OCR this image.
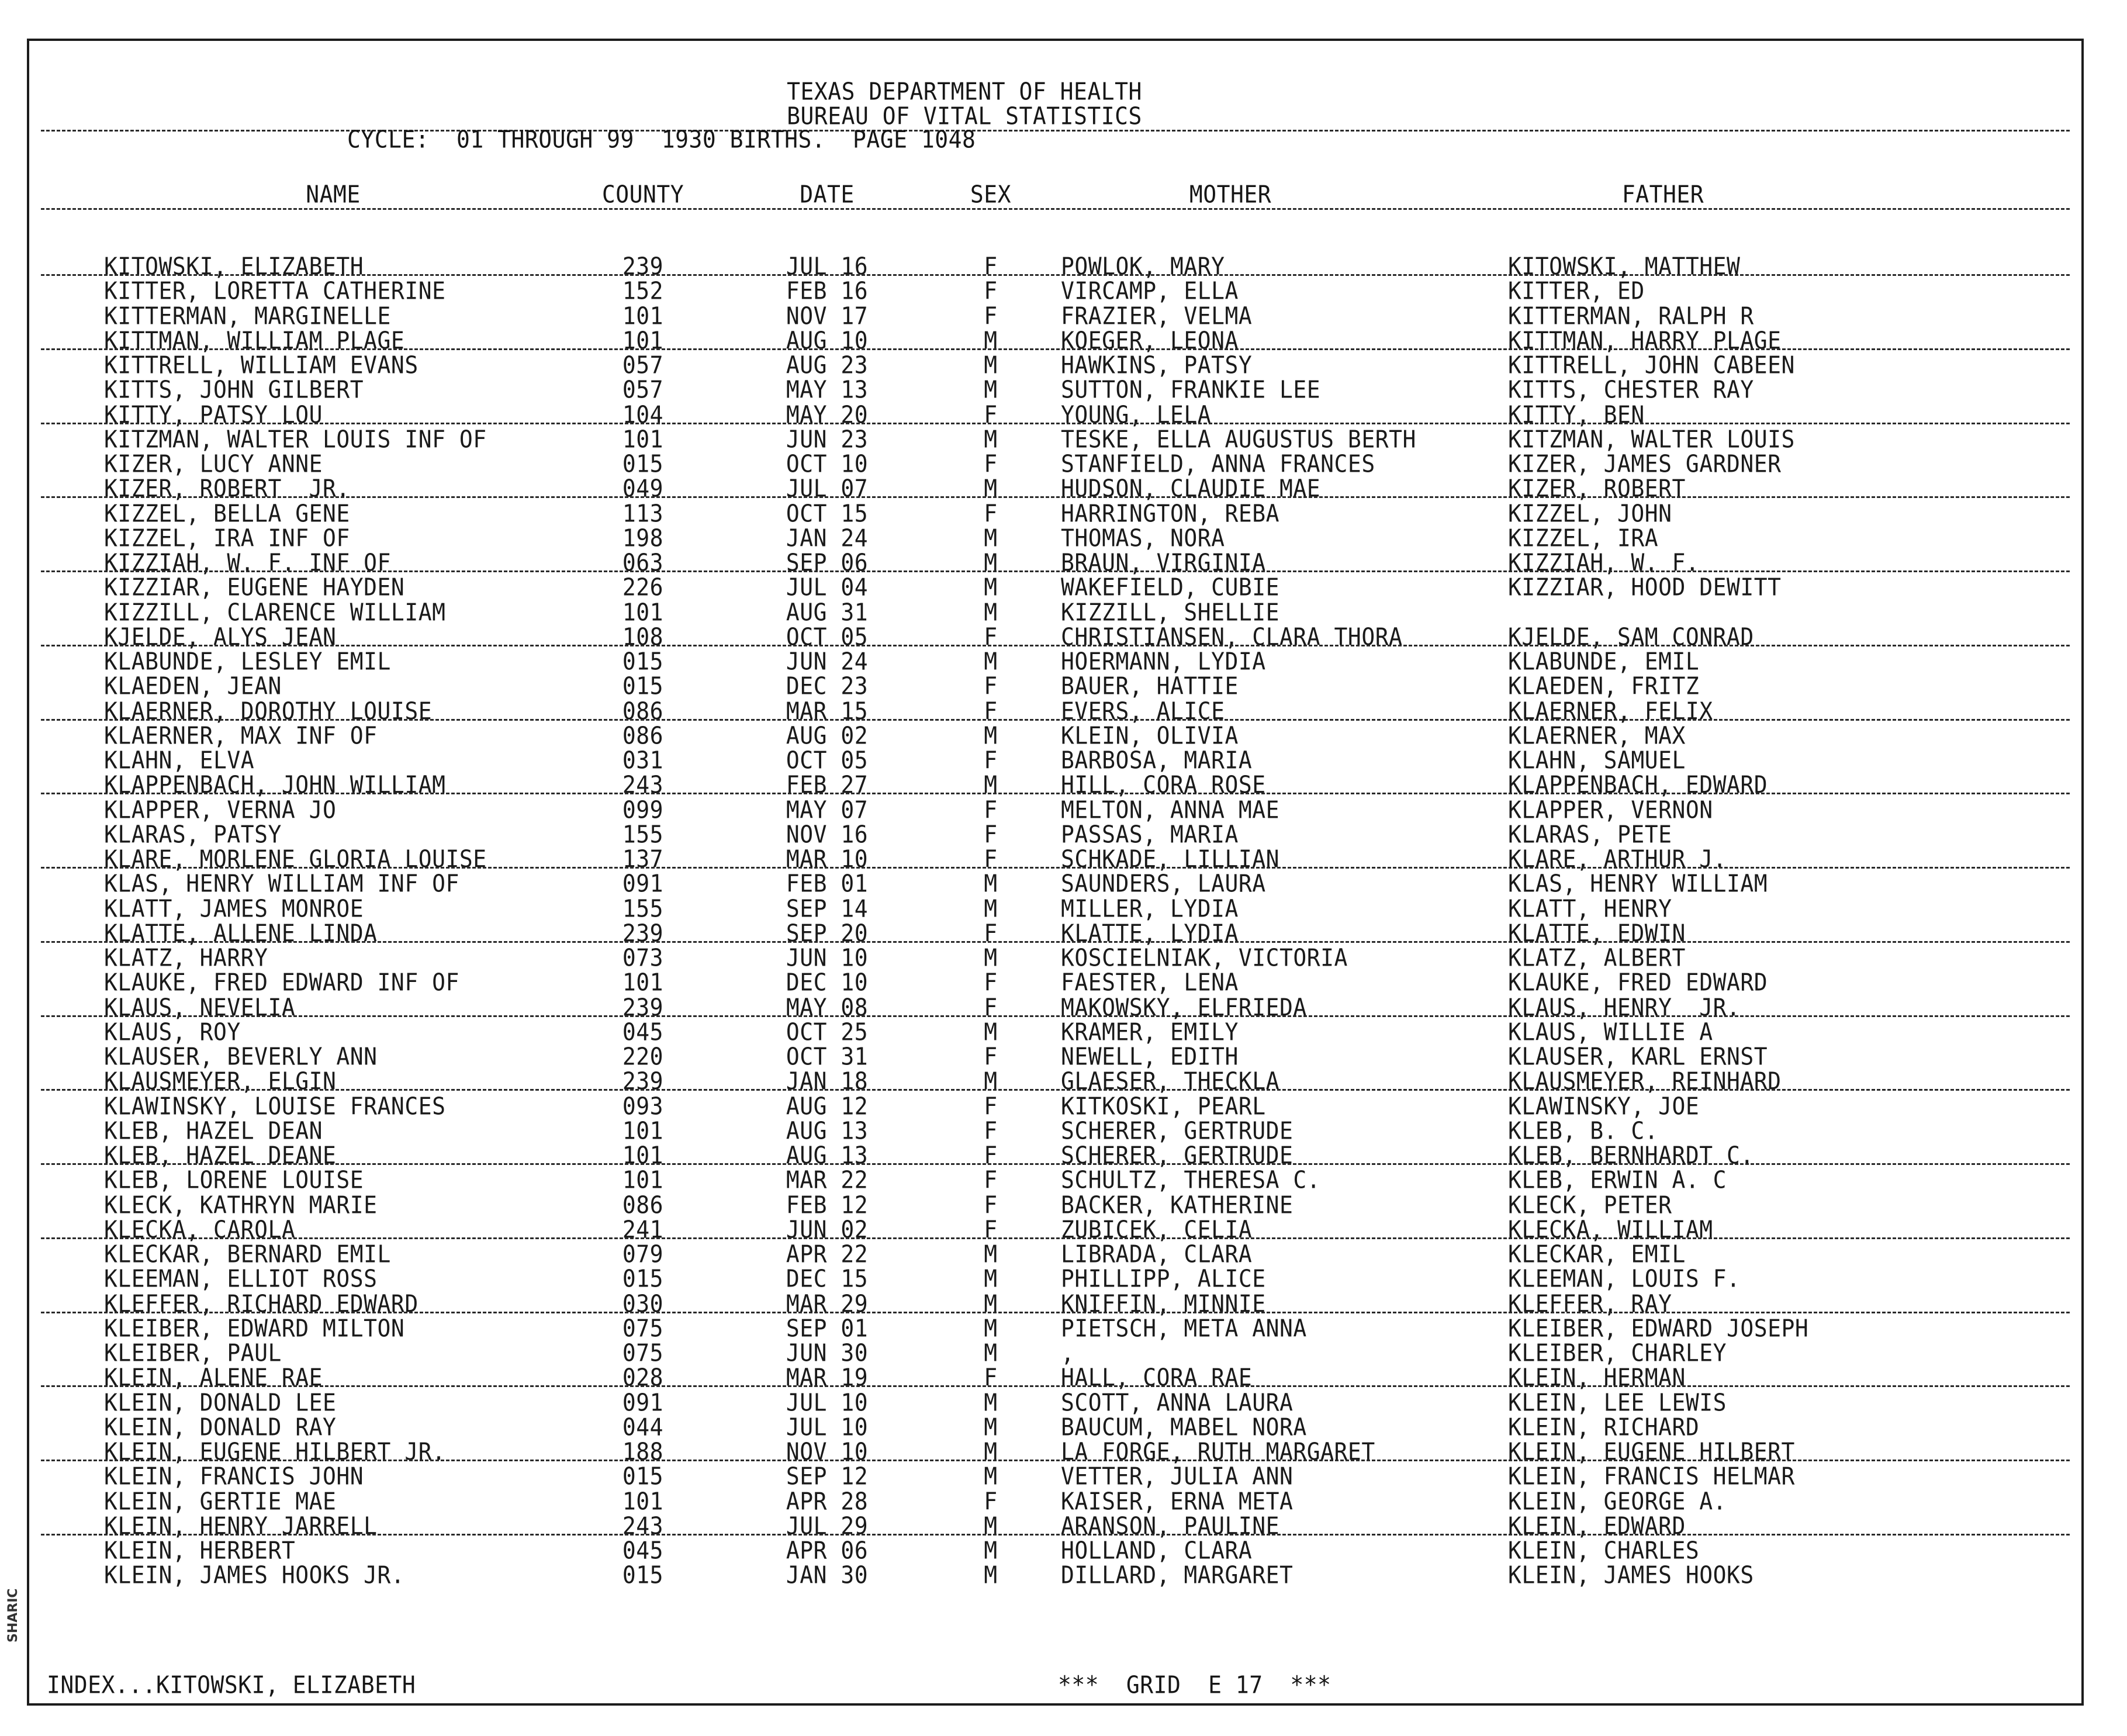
TEXAS DEPARTMENT OF HEALTH
BUREAU OF VITAL STATISTICS
CYCLE:  01 THROUGH 99  1930 BIRTHS.  PAGE 1048
NAME	COUNTY	DATE	SEX	MOTHER	FATHER
KITOWSKI, ELIZABETH	239	JUL 16	F	POWLOK, MARY	KITOWSKI, MATTHEW
KITTER, LORETTA CATHERINE	152	FEB 16	F	VIRCAMP, ELLA	KITTER, ED
KITTERMAN, MARGINELLE	101	NOV 17	F	FRAZIER, VELMA	KITTERMAN, RALPH R
KITTMAN, WILLIAM PLAGE	101	AUG 10	M	KOEGER, LEONA	KITTMAN, HARRY PLAGE
KITTRELL, WILLIAM EVANS	057	AUG 23	M	HAWKINS, PATSY	KITTRELL, JOHN CABEEN
KITTS, JOHN GILBERT	057	MAY 13	M	SUTTON, FRANKIE LEE	KITTS, CHESTER RAY
KITTY, PATSY LOU	104	MAY 20	F	YOUNG, LELA	KITTY, BEN
KITZMAN, WALTER LOUIS INF OF	101	JUN 23	M	TESKE, ELLA AUGUSTUS BERTH	KITZMAN, WALTER LOUIS
KIZER, LUCY ANNE	015	OCT 10	F	STANFIELD, ANNA FRANCES	KIZER, JAMES GARDNER
KIZER, ROBERT  JR.	049	JUL 07	M	HUDSON, CLAUDIE MAE	KIZER, ROBERT
KIZZEL, BELLA GENE	113	OCT 15	F	HARRINGTON, REBA	KIZZEL, JOHN
KIZZEL, IRA INF OF	198	JAN 24	M	THOMAS, NORA	KIZZEL, IRA
KIZZIAH, W. F. INF OF	063	SEP 06	M	BRAUN, VIRGINIA	KIZZIAH, W. F.
KIZZIAR, EUGENE HAYDEN	226	JUL 04	M	WAKEFIELD, CUBIE	KIZZIAR, HOOD DEWITT
KIZZILL, CLARENCE WILLIAM	101	AUG 31	M	KIZZILL, SHELLIE
KJELDE, ALYS JEAN	108	OCT 05	F	CHRISTIANSEN, CLARA THORA	KJELDE, SAM CONRAD
KLABUNDE, LESLEY EMIL	015	JUN 24	M	HOERMANN, LYDIA	KLABUNDE, EMIL
KLAEDEN, JEAN	015	DEC 23	F	BAUER, HATTIE	KLAEDEN, FRITZ
KLAERNER, DOROTHY LOUISE	086	MAR 15	F	EVERS, ALICE	KLAERNER, FELIX
KLAERNER, MAX INF OF	086	AUG 02	M	KLEIN, OLIVIA	KLAERNER, MAX
KLAHN, ELVA	031	OCT 05	F	BARBOSA, MARIA	KLAHN, SAMUEL
KLAPPENBACH, JOHN WILLIAM	243	FEB 27	M	HILL, CORA ROSE	KLAPPENBACH, EDWARD
KLAPPER, VERNA JO	099	MAY 07	F	MELTON, ANNA MAE	KLAPPER, VERNON
KLARAS, PATSY	155	NOV 16	F	PASSAS, MARIA	KLARAS, PETE
KLARE, MORLENE GLORIA LOUISE	137	MAR 10	F	SCHKADE, LILLIAN	KLARE, ARTHUR J.
KLAS, HENRY WILLIAM INF OF	091	FEB 01	M	SAUNDERS, LAURA	KLAS, HENRY WILLIAM
KLATT, JAMES MONROE	155	SEP 14	M	MILLER, LYDIA	KLATT, HENRY
KLATTE, ALLENE LINDA	239	SEP 20	F	KLATTE, LYDIA	KLATTE, EDWIN
KLATZ, HARRY	073	JUN 10	M	KOSCIELNIAK, VICTORIA	KLATZ, ALBERT
KLAUKE, FRED EDWARD INF OF	101	DEC 10	F	FAESTER, LENA	KLAUKE, FRED EDWARD
KLAUS, NEVELIA	239	MAY 08	F	MAKOWSKY, ELFRIEDA	KLAUS, HENRY  JR.
KLAUS, ROY	045	OCT 25	M	KRAMER, EMILY	KLAUS, WILLIE A
KLAUSER, BEVERLY ANN	220	OCT 31	F	NEWELL, EDITH	KLAUSER, KARL ERNST
KLAUSMEYER, ELGIN	239	JAN 18	M	GLAESER, THECKLA	KLAUSMEYER, REINHARD
KLAWINSKY, LOUISE FRANCES	093	AUG 12	F	KITKOSKI, PEARL	KLAWINSKY, JOE
KLEB, HAZEL DEAN	101	AUG 13	F	SCHERER, GERTRUDE	KLEB, B. C.
KLEB, HAZEL DEANE	101	AUG 13	F	SCHERER, GERTRUDE	KLEB, BERNHARDT C.
KLEB, LORENE LOUISE	101	MAR 22	F	SCHULTZ, THERESA C.	KLEB, ERWIN A. C
KLECK, KATHRYN MARIE	086	FEB 12	F	BACKER, KATHERINE	KLECK, PETER
KLECKA, CAROLA	241	JUN 02	F	ZUBICEK, CELIA	KLECKA, WILLIAM
KLECKAR, BERNARD EMIL	079	APR 22	M	LIBRADA, CLARA	KLECKAR, EMIL
KLEEMAN, ELLIOT ROSS	015	DEC 15	M	PHILLIPP, ALICE	KLEEMAN, LOUIS F.
KLEFFER, RICHARD EDWARD	030	MAR 29	M	KNIFFIN, MINNIE	KLEFFER, RAY
KLEIBER, EDWARD MILTON	075	SEP 01	M	PIETSCH, META ANNA	KLEIBER, EDWARD JOSEPH
KLEIBER, PAUL	075	JUN 30	M	,	KLEIBER, CHARLEY
KLEIN, ALENE RAE	028	MAR 19	F	HALL, CORA RAE	KLEIN, HERMAN
KLEIN, DONALD LEE	091	JUL 10	M	SCOTT, ANNA LAURA	KLEIN, LEE LEWIS
KLEIN, DONALD RAY	044	JUL 10	M	BAUCUM, MABEL NORA	KLEIN, RICHARD
KLEIN, EUGENE HILBERT JR.	188	NOV 10	M	LA FORGE, RUTH MARGARET	KLEIN, EUGENE HILBERT
KLEIN, FRANCIS JOHN	015	SEP 12	M	VETTER, JULIA ANN	KLEIN, FRANCIS HELMAR
KLEIN, GERTIE MAE	101	APR 28	F	KAISER, ERNA META	KLEIN, GEORGE A.
KLEIN, HENRY JARRELL	243	JUL 29	M	ARANSON, PAULINE	KLEIN, EDWARD
KLEIN, HERBERT	045	APR 06	M	HOLLAND, CLARA	KLEIN, CHARLES
KLEIN, JAMES HOOKS JR.	015	JAN 30	M	DILLARD, MARGARET	KLEIN, JAMES HOOKS
INDEX...KITOWSKI, ELIZABETH	***  GRID  E 17  ***
SHARIC
